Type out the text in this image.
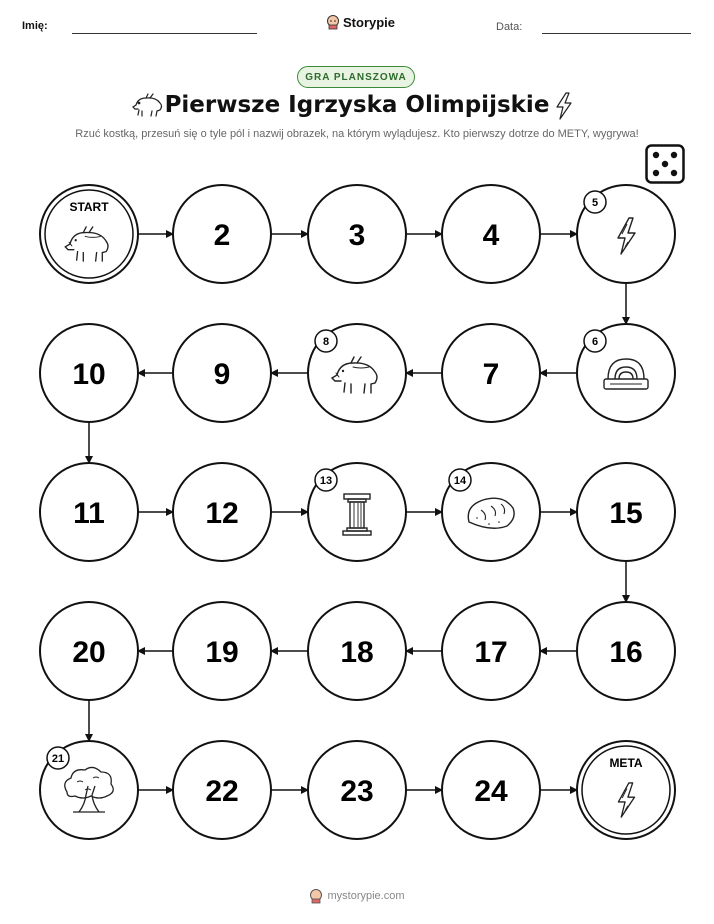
Imię:	Storypie	Data:
GRA PLANSZOWA
Pierwsze Igrzyska Olimpijskie
Rzuć kostką, przesuń się o tyle pól i nazwij obrazek, na którym wylądujesz. Kto pierwszy dotrze do METY, wygrywa!
START
2	3	4
5
6
7
8
9
10
11	12
13	14
15
16
17
18
19
20
21
22	23	24
META
mystorypie.com
